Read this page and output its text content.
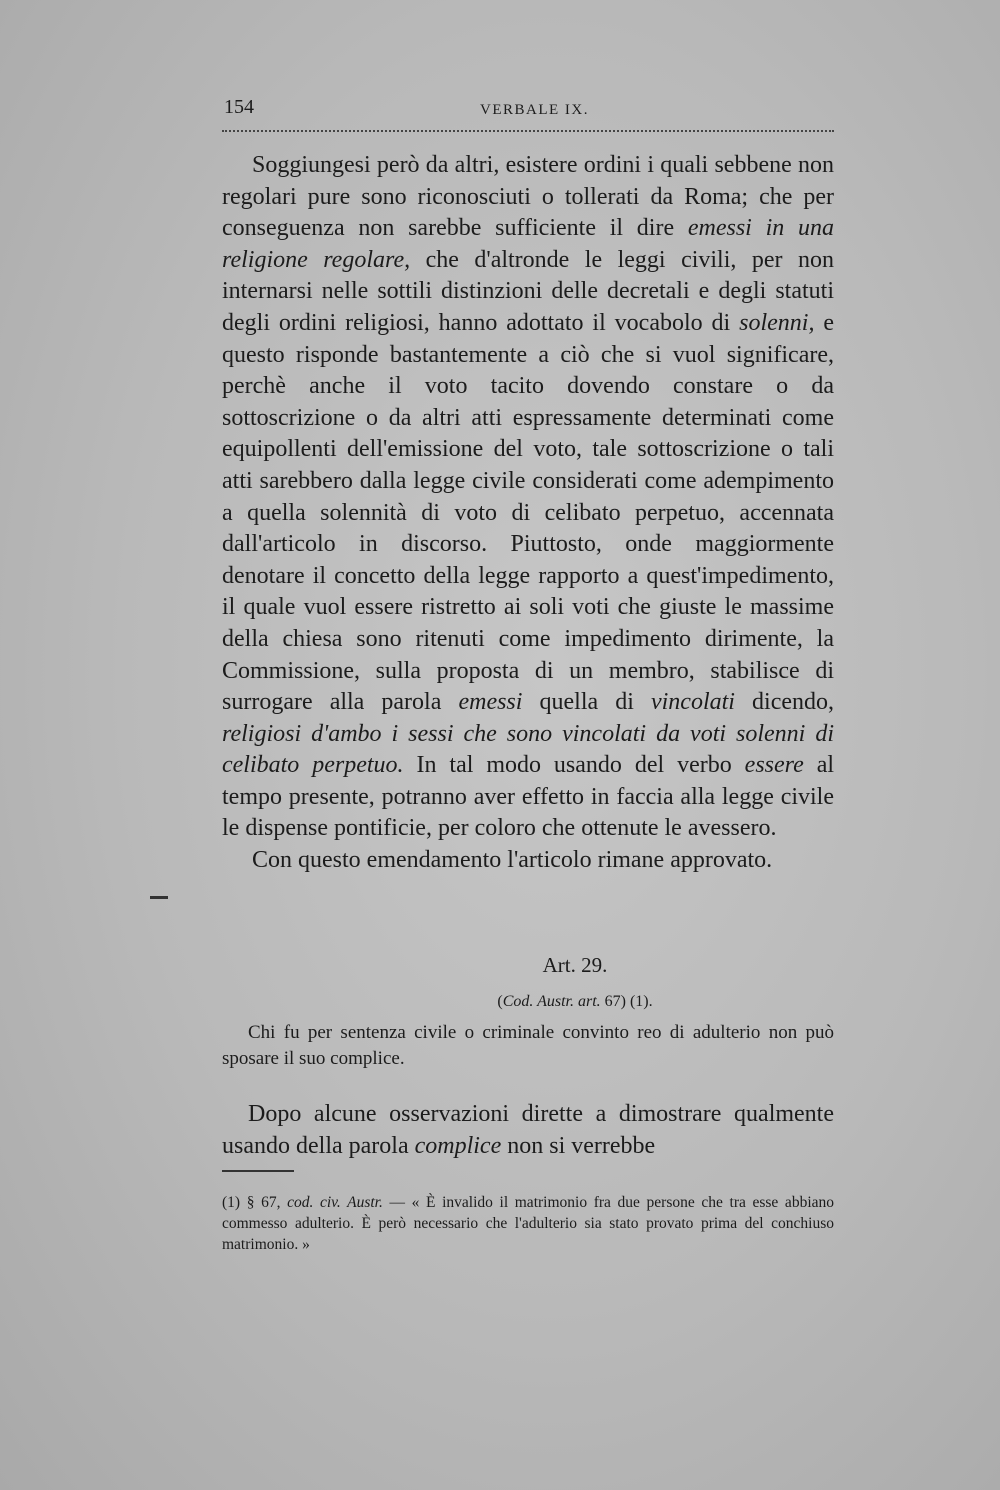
154	VERBALE IX.

Soggiungesi però da altri, esistere ordini i quali sebbene non regolari pure sono riconosciuti o tollerati da Roma; che per conseguenza non sarebbe sufficiente il dire emessi in una religione regolare, che d'altronde le leggi civili, per non internarsi nelle sottili distinzioni delle decretali e degli statuti degli ordini religiosi, hanno adottato il vocabolo di solenni, e questo risponde bastantemente a ciò che si vuol significare, perchè anche il voto tacito dovendo constare o da sottoscrizione o da altri atti espressamente determinati come equipollenti dell'emissione del voto, tale sottoscrizione o tali atti sarebbero dalla legge civile considerati come adempimento a quella solennità di voto di celibato perpetuo, accennata dall'articolo in discorso. Piuttosto, onde maggiormente denotare il concetto della legge rapporto a quest'impedimento, il quale vuol essere ristretto ai soli voti che giuste le massime della chiesa sono ritenuti come impedimento dirimente, la Commissione, sulla proposta di un membro, stabilisce di surrogare alla parola emessi quella di vincolati dicendo, religiosi d'ambo i sessi che sono vincolati da voti solenni di celibato perpetuo. In tal modo usando del verbo essere al tempo presente, potranno aver effetto in faccia alla legge civile le dispense pontificie, per coloro che ottenute le avessero.

Con questo emendamento l'articolo rimane approvato.

Art. 29.
(Cod. Austr. art. 67) (1).

Chi fu per sentenza civile o criminale convinto reo di adulterio non può sposare il suo complice.

Dopo alcune osservazioni dirette a dimostrare qualmente usando della parola complice non si verrebbe

(1) § 67, cod. civ. Austr. — « È invalido il matrimonio fra due persone che tra esse abbiano commesso adulterio. È però necessario che l'adulterio sia stato provato prima del conchiuso matrimonio. »
